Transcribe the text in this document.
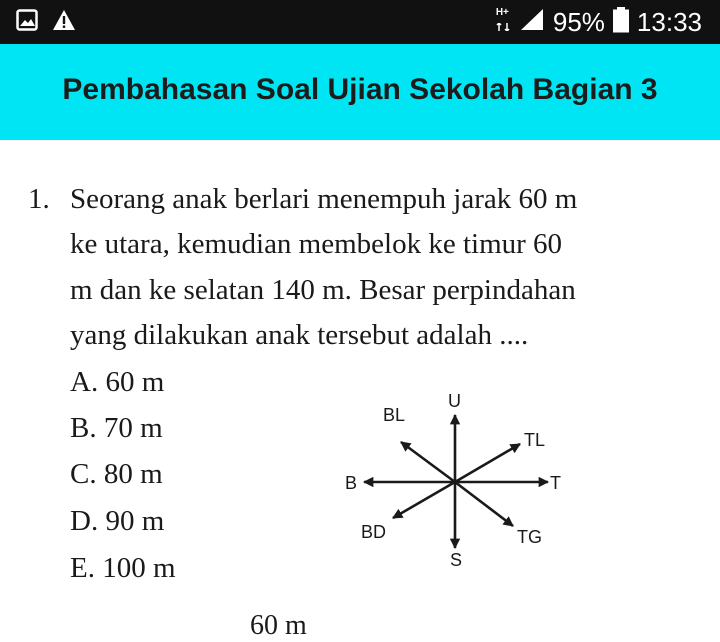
H+ 95% 13:33
Pembahasan Soal Ujian Sekolah Bagian 3
1. Seorang anak berlari menempuh jarak 60 m
ke utara, kemudian membelok ke timur 60
m dan ke selatan 140 m. Besar perpindahan
yang dilakukan anak tersebut adalah ....
A. 60 m
B. 70 m
C. 80 m
D. 90 m
E. 100 m
U
S
T
B
TL
BL
TG
BD
60 m
